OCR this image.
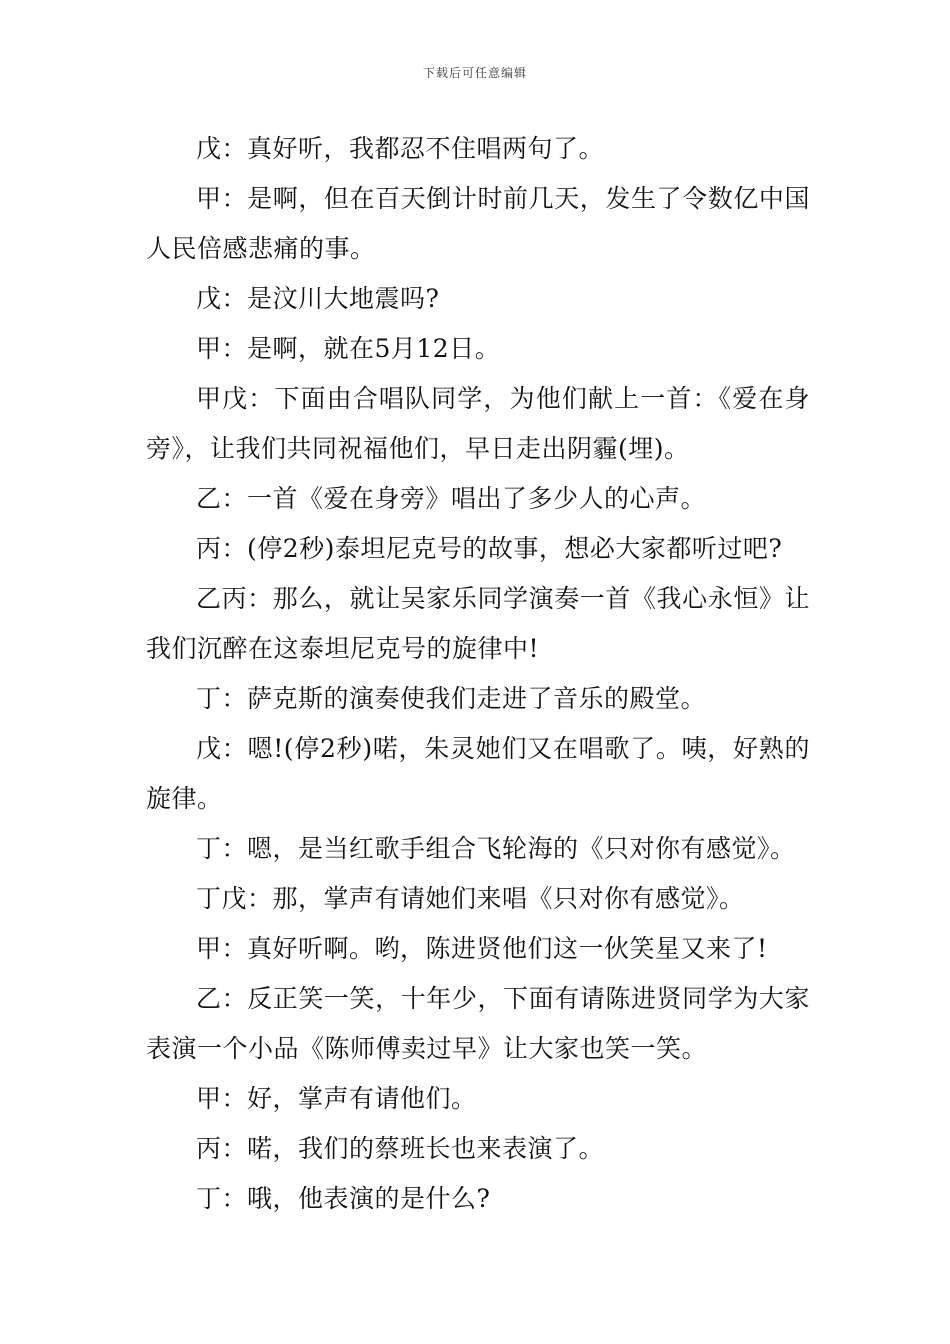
下载后可任意编辑

戊：真好听，我都忍不住唱两句了。

甲：是啊，但在百天倒计时前几天，发生了令数亿中国人民倍感悲痛的事。

戊：是汶川大地震吗?

甲：是啊，就在5月12日。

甲戊：下面由合唱队同学，为他们献上一首：《爱在身旁》，让我们共同祝福他们，早日走出阴霾(埋)。

乙：一首《爱在身旁》唱出了多少人的心声。

丙：(停2秒)泰坦尼克号的故事，想必大家都听过吧?

乙丙：那么，就让吴家乐同学演奏一首《我心永恒》让我们沉醉在这泰坦尼克号的旋律中!

丁：萨克斯的演奏使我们走进了音乐的殿堂。

戊：嗯!(停2秒)喏，朱灵她们又在唱歌了。咦，好熟的旋律。

丁：嗯，是当红歌手组合飞轮海的《只对你有感觉》。

丁戊：那，掌声有请她们来唱《只对你有感觉》。

甲：真好听啊。哟，陈进贤他们这一伙笑星又来了!

乙：反正笑一笑，十年少，下面有请陈进贤同学为大家表演一个小品《陈师傅卖过早》让大家也笑一笑。

甲：好，掌声有请他们。

丙：喏，我们的蔡班长也来表演了。

丁：哦，他表演的是什么?
